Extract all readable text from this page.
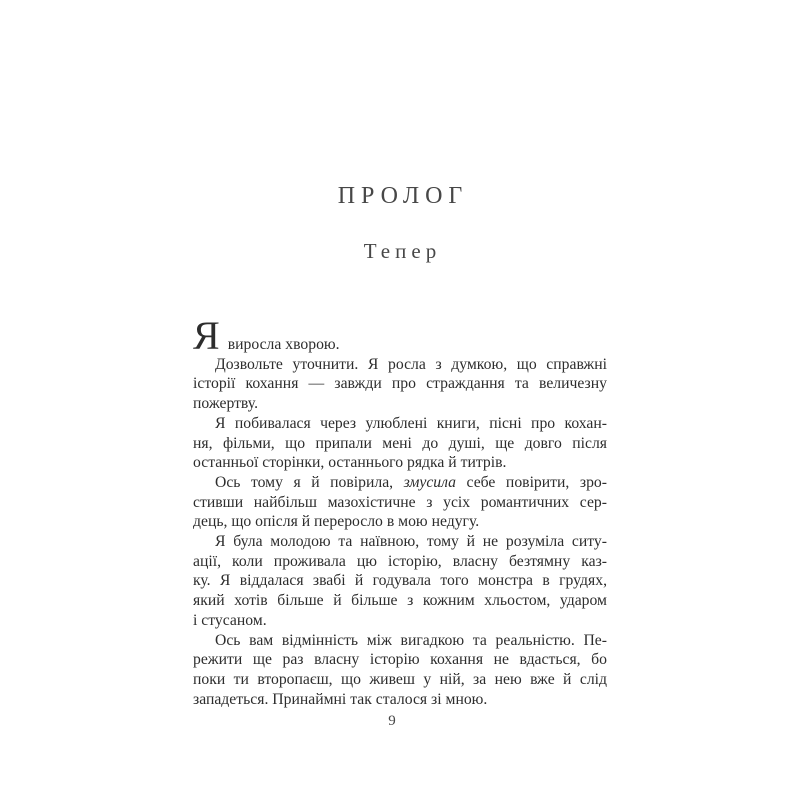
ПРОЛОГ
Тепер
Явиросла хворою.
Дозвольте уточнити. Я росла з думкою, що справжні
історії кохання — завжди про страждання та величезну
пожертву.
Я побивалася через улюблені книги, пісні про кохан-
ня, фільми, що припали мені до душі, ще довго після
останньої сторінки, останнього рядка й титрів.
Ось тому я й повірила, змусила себе повірити, зро-
стивши найбільш мазохістичне з усіх романтичних сер-
дець, що опісля й переросло в мою недугу.
Я була молодою та наївною, тому й не розуміла ситу-
ації, коли проживала цю історію, власну безтямну каз-
ку. Я віддалася звабі й годувала того монстра в грудях,
який хотів більше й більше з кожним хльостом, ударом
і стусаном.
Ось вам відмінність між вигадкою та реальністю. Пе-
режити ще раз власну історію кохання не вдасться, бо
поки ти второпаєш, що живеш у ній, за нею вже й слід
западеться. Принаймні так сталося зі мною.
9
